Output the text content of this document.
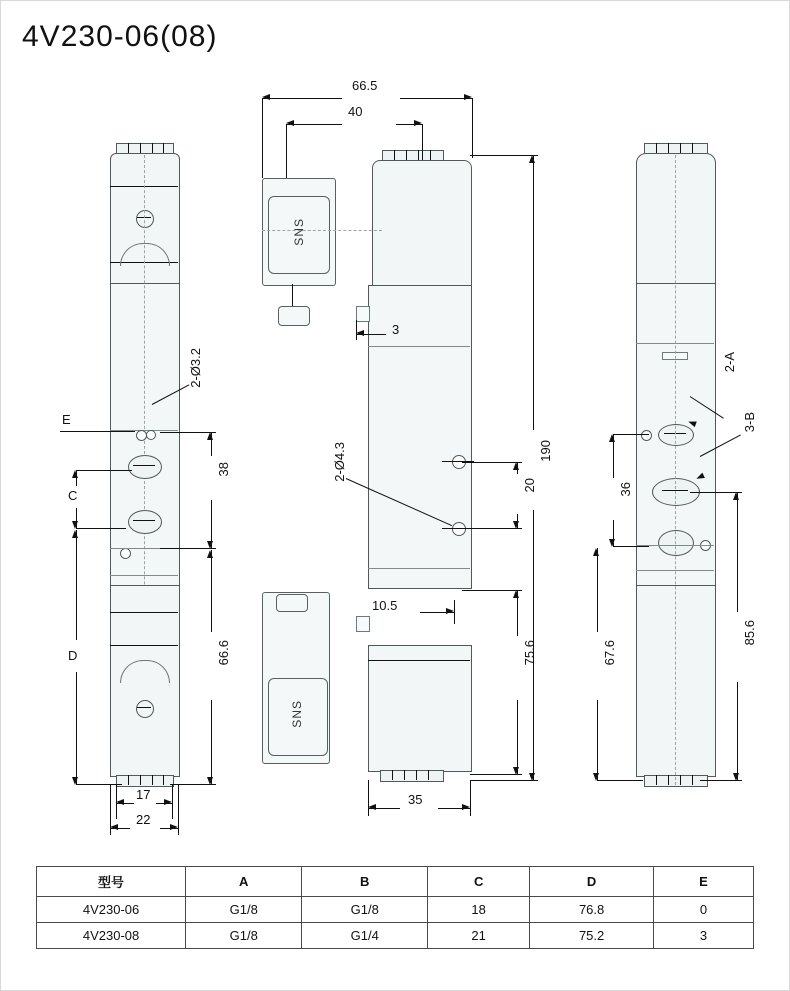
4V230-06(08)
2-Ø3.2
E
C
D
38
66.6
17
22
SNS
SNS
2-Ø4.3
66.5
40
3
190
20
75.6
10.5
35
2-A
3-B
36
67.6
85.6
型号	A	B	C	D	E
4V230-06	G1/8	G1/8	18	76.8	0
4V230-08	G1/8	G1/4	21	75.2	3
